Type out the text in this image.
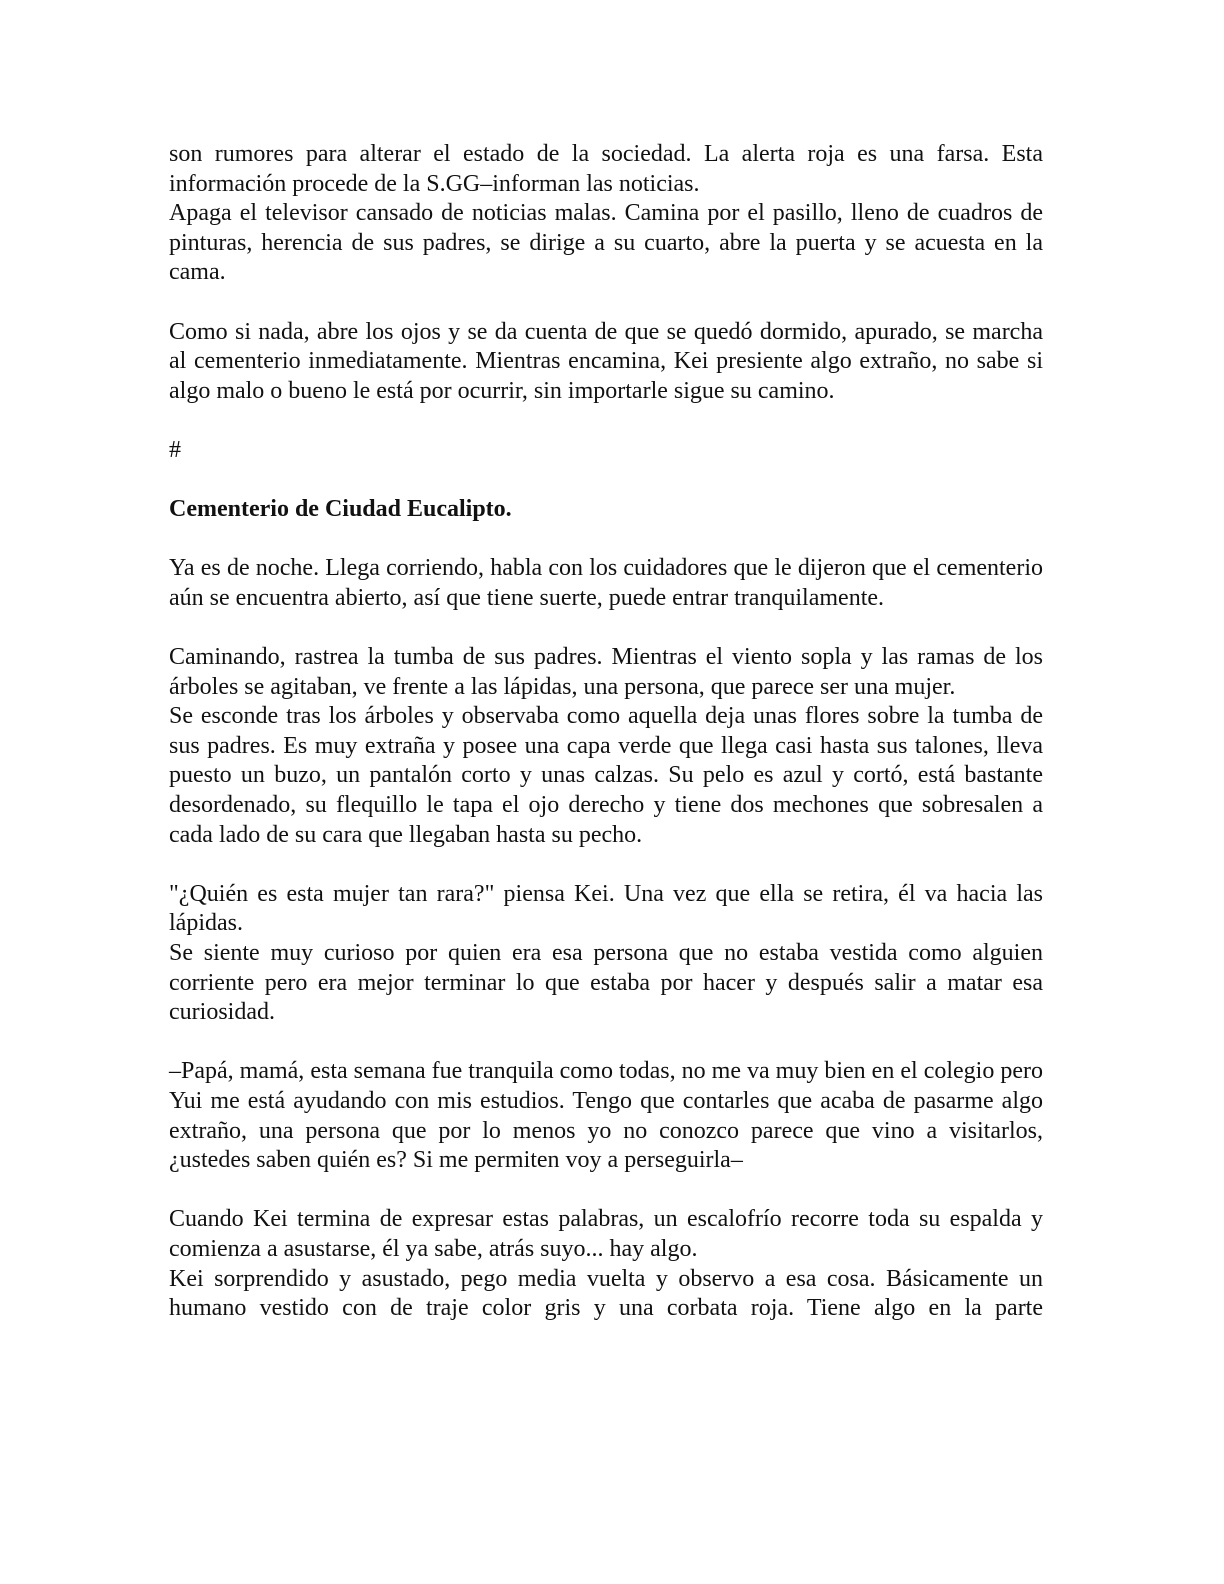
son rumores para alterar el estado de la sociedad. La alerta roja es una farsa. Esta información procede de la S.GG–informan las noticias.

Apaga el televisor cansado de noticias malas. Camina por el pasillo, lleno de cuadros de pinturas, herencia de sus padres, se dirige a su cuarto, abre la puerta y se acuesta en la cama.

Como si nada, abre los ojos y se da cuenta de que se quedó dormido, apurado, se marcha al cementerio inmediatamente. Mientras encamina, Kei presiente algo extraño, no sabe si algo malo o bueno le está por ocurrir, sin importarle sigue su camino.

#

Cementerio de Ciudad Eucalipto.

Ya es de noche. Llega corriendo, habla con los cuidadores que le dijeron que el cementerio aún se encuentra abierto, así que tiene suerte, puede entrar tranquilamente.

Caminando, rastrea la tumba de sus padres. Mientras el viento sopla y las ramas de los árboles se agitaban, ve frente a las lápidas, una persona, que parece ser una mujer.

Se esconde tras los árboles y observaba como aquella deja unas flores sobre la tumba de sus padres. Es muy extraña y posee una capa verde que llega casi hasta sus talones, lleva puesto un buzo, un pantalón corto y unas calzas. Su pelo es azul y cortó, está bastante desordenado, su flequillo le tapa el ojo derecho y tiene dos mechones que sobresalen a cada lado de su cara que llegaban hasta su pecho.

"¿Quién es esta mujer tan rara?" piensa Kei. Una vez que ella se retira, él va hacia las lápidas.

Se siente muy curioso por quien era esa persona que no estaba vestida como alguien corriente pero era mejor terminar lo que estaba por hacer y después salir a matar esa curiosidad.

–Papá, mamá, esta semana fue tranquila como todas, no me va muy bien en el colegio pero Yui me está ayudando con mis estudios. Tengo que contarles que acaba de pasarme algo extraño, una persona que por lo menos yo no conozco parece que vino a visitarlos, ¿ustedes saben quién es? Si me permiten voy a perseguirla–

Cuando Kei termina de expresar estas palabras, un escalofrío recorre toda su espalda y comienza a asustarse, él ya sabe, atrás suyo... hay algo.

Kei sorprendido y asustado, pego media vuelta y observo a esa cosa. Básicamente un humano vestido con de traje color gris y una corbata roja. Tiene algo en la parte
